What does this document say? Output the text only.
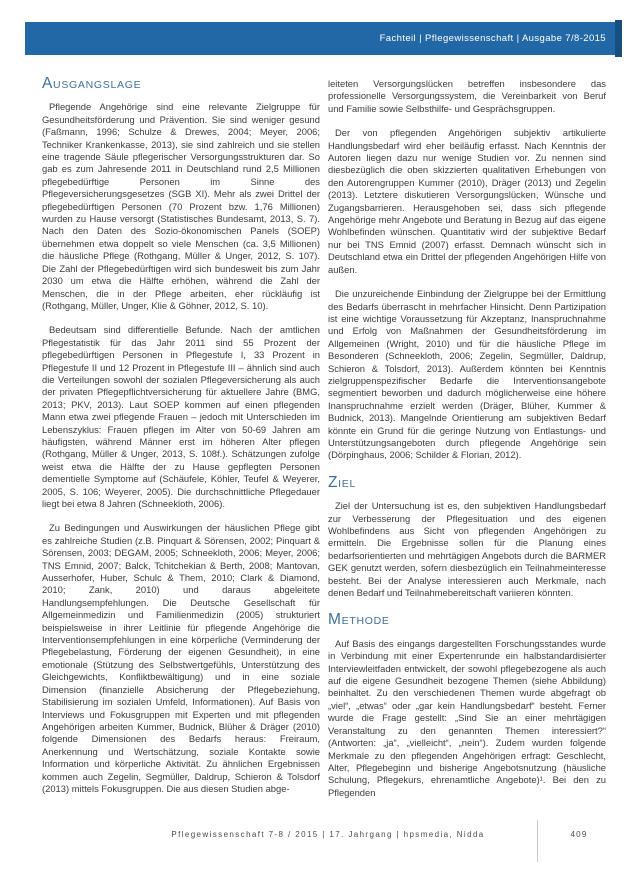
Fachteil | Pflegewissenschaft | Ausgabe 7/8-2015
AUSGANGSLAGE

Pflegende Angehörige sind eine relevante Zielgruppe für Gesundheitsförderung und Prävention. Sie sind weniger gesund (Faßmann, 1996; Schulze & Drewes, 2004; Meyer, 2006; Techniker Krankenkasse, 2013), sie sind zahlreich und sie stellen eine tragende Säule pflegerischer Versorgungsstrukturen dar. So gab es zum Jahresende 2011 in Deutschland rund 2,5 Millionen pflegebedürftige Personen im Sinne des Pflegeversicherungsgesetzes (SGB XI). Mehr als zwei Drittel der pflegebedürftigen Personen (70 Prozent bzw. 1,76 Millionen) wurden zu Hause versorgt (Statistisches Bundesamt, 2013, S. 7). Nach den Daten des Sozio-ökonomischen Panels (SOEP) übernehmen etwa doppelt so viele Menschen (ca. 3,5 Millionen) die häusliche Pflege (Rothgang, Müller & Unger, 2012, S. 107). Die Zahl der Pflegebedürftigen wird sich bundesweit bis zum Jahr 2030 um etwa die Hälfte erhöhen, während die Zahl der Menschen, die in der Pflege arbeiten, eher rückläufig ist (Rothgang, Müller, Unger, Klie & Göhner, 2012, S. 10).

Bedeutsam sind differentielle Befunde. Nach der amtlichen Pflegestatistik für das Jahr 2011 sind 55 Prozent der pflegebedürftigen Personen in Pflegestufe I, 33 Prozent in Pflegestufe II und 12 Prozent in Pflegestufe III – ähnlich sind auch die Verteilungen sowohl der sozialen Pflegeversicherung als auch der privaten Pflegepflichtversicherung für aktuellere Jahre (BMG, 2013; PKV, 2013). Laut SOEP kommen auf einen pflegenden Mann etwa zwei pflegende Frauen – jedoch mit Unterschieden im Lebenszyklus: Frauen pflegen im Alter von 50-69 Jahren am häufigsten, während Männer erst im höheren Alter pflegen (Rothgang, Müller & Unger, 2013, S. 108f.). Schätzungen zufolge weist etwa die Hälfte der zu Hause gepflegten Personen dementielle Symptome auf (Schäufele, Köhler, Teufel & Weyerer, 2005, S. 106; Weyerer, 2005). Die durchschnittliche Pflegedauer liegt bei etwa 8 Jahren (Schneekloth, 2006).

Zu Bedingungen und Auswirkungen der häuslichen Pflege gibt es zahlreiche Studien (z.B. Pinquart & Sörensen, 2002; Pinquart & Sörensen, 2003; DEGAM, 2005; Schneekloth, 2006; Meyer, 2006; TNS Emnid, 2007; Balck, Tchitchekian & Berth, 2008; Mantovan, Ausserhofer, Huber, Schulc & Them, 2010; Clark & Diamond, 2010; Zank, 2010) und daraus abgeleitete Handlungsempfehlungen. Die Deutsche Gesellschaft für Allgemeinmedizin und Familienmedizin (2005) strukturiert beispielsweise in ihrer Leitlinie für pflegende Angehörige die Interventionsempfehlungen in eine körperliche (Verminderung der Pflegebelastung, Förderung der eigenen Gesundheit), in eine emotionale (Stützung des Selbstwertgefühls, Unterstützung des Gleichgewichts, Konfliktbewältigung) und in eine soziale Dimension (finanzielle Absicherung der Pflegebeziehung, Stabilisierung im sozialen Umfeld, Informationen). Auf Basis von Interviews und Fokusgruppen mit Experten und mit pflegenden Angehörigen arbeiten Kummer, Budnick, Blüher & Dräger (2010) folgende Dimensionen des Bedarfs heraus: Freiraum, Anerkennung und Wertschätzung, soziale Kontakte sowie Information und körperliche Aktivität. Zu ähnlichen Ergebnissen kommen auch Zegelin, Segmüller, Daldrup, Schieron & Tolsdorf (2013) mittels Fokusgruppen. Die aus diesen Studien abge-

leiteten Versorgungslücken betreffen insbesondere das professionelle Versorgungssystem, die Vereinbarkeit von Beruf und Familie sowie Selbsthilfe- und Gesprächsgruppen.

Der von pflegenden Angehörigen subjektiv artikulierte Handlungsbedarf wird eher beiläufig erfasst. Nach Kenntnis der Autoren liegen dazu nur wenige Studien vor. Zu nennen sind diesbezüglich die oben skizzierten qualitativen Erhebungen von den Autorengruppen Kummer (2010), Dräger (2013) und Zegelin (2013). Letztere diskutieren Versorgungslücken, Wünsche und Zugangsbarrieren. Herausgehoben sei, dass sich pflegende Angehörige mehr Angebote und Beratung in Bezug auf das eigene Wohlbefinden wünschen. Quantitativ wird der subjektive Bedarf nur bei TNS Emnid (2007) erfasst. Demnach wünscht sich in Deutschland etwa ein Drittel der pflegenden Angehörigen Hilfe von außen.

Die unzureichende Einbindung der Zielgruppe bei der Ermittlung des Bedarfs überrascht in mehrfacher Hinsicht. Denn Partizipation ist eine wichtige Voraussetzung für Akzeptanz, Inanspruchnahme und Erfolg von Maßnahmen der Gesundheitsförderung im Allgemeinen (Wright, 2010) und für die häusliche Pflege im Besonderen (Schneekloth, 2006; Zegelin, Segmüller, Daldrup, Schieron & Tolsdorf, 2013). Außerdem könnten bei Kenntnis zielgruppenspezifischer Bedarfe die Interventionsangebote segmentiert beworben und dadurch möglicherweise eine höhere Inanspruchnahme erzielt werden (Dräger, Blüher, Kummer & Budnick, 2013). Mangelnde Orientierung am subjektiven Bedarf könnte ein Grund für die geringe Nutzung von Entlastungs- und Unterstützungsangeboten durch pflegende Angehörige sein (Dörpinghaus, 2006; Schilder & Florian, 2012).

ZIEL

Ziel der Untersuchung ist es, den subjektiven Handlungsbedarf zur Verbesserung der Pflegesituation und des eigenen Wohlbefindens aus Sicht von pflegenden Angehörigen zu ermitteln. Die Ergebnisse sollen für die Planung eines bedarfsorientierten und mehrtägigen Angebots durch die BARMER GEK genutzt werden, sofern diesbezüglich ein Teilnahmeinteresse besteht. Bei der Analyse interessieren auch Merkmale, nach denen Bedarf und Teilnahmebereitschaft variieren könnten.

METHODE

Auf Basis des eingangs dargestellten Forschungsstandes wurde in Verbindung mit einer Expertenrunde ein halbstandardisierter Interviewleitfaden entwickelt, der sowohl pflegebezogene als auch auf die eigene Gesundheit bezogene Themen (siehe Abbildung) beinhaltet. Zu den verschiedenen Themen wurde abgefragt ob „viel“, „etwas“ oder „gar kein Handlungsbedarf“ besteht. Ferner wurde die Frage gestellt: „Sind Sie an einer mehrtägigen Veranstaltung zu den genannten Themen interessiert?“ (Antworten: „ja“, „vielleicht“, „nein“). Zudem wurden folgende Merkmale zu den pflegenden Angehörigen erfragt: Geschlecht, Alter, Pflegebeginn und bisherige Angebotsnutzung (häusliche Schulung, Pflegekurs, ehrenamtliche Angebote)¹. Bei den zu Pflegenden

Pflegewissenschaft 7-8 / 2015 | 17. Jahrgang | hpsmedia, Nidda	409
